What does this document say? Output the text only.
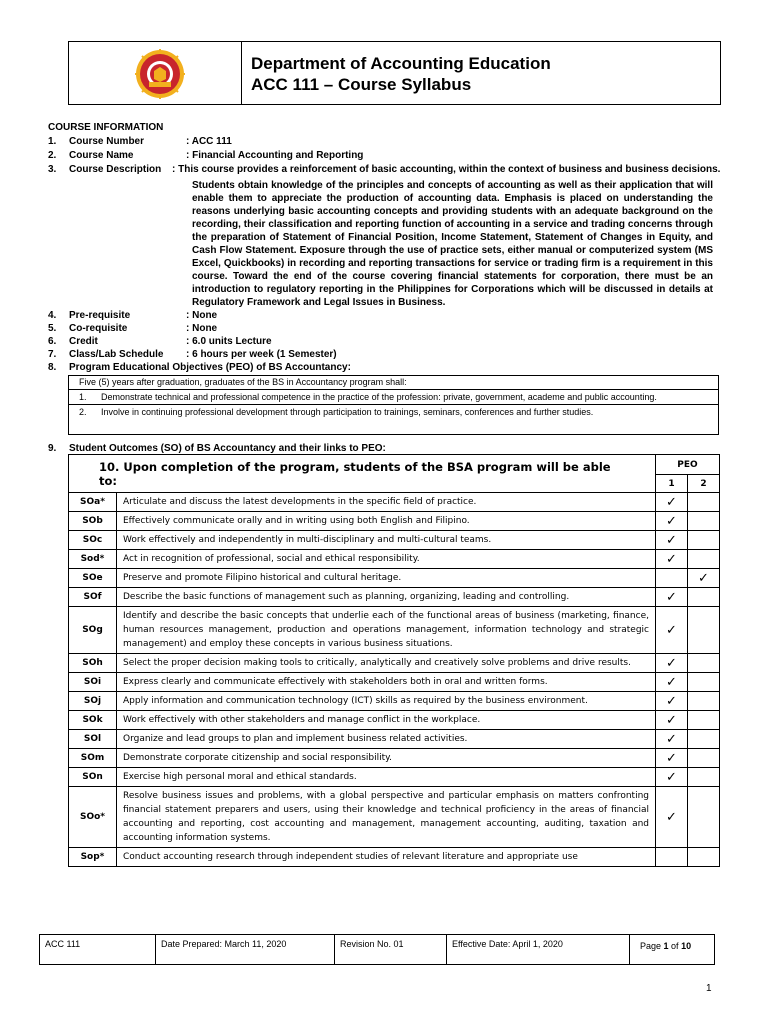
Department of Accounting Education
ACC 111 – Course Syllabus
COURSE INFORMATION
1. Course Number	: ACC 111
2. Course Name	: Financial Accounting and Reporting
3. Course Description : This course provides a reinforcement of basic accounting, within the context of business and business decisions.
Students obtain knowledge of the principles and concepts of accounting as well as their application that will enable them to appreciate the production of accounting data. Emphasis is placed on understanding the reasons underlying basic accounting concepts and providing students with an adequate background on the recording, their classification and reporting function of accounting in a service and trading concerns through the preparation of Statement of Financial Position, Income Statement, Statement of Changes in Equity, and Cash Flow Statement. Exposure through the use of practice sets, either manual or computerized system (MS Excel, Quickbooks) in recording and reporting transactions for service or trading firm is a requirement in this course. Toward the end of the course covering financial statements for corporation, there must be an introduction to regulatory reporting in the Philippines for Corporations which will be discussed in details at Regulatory Framework and Legal Issues in Business.
4. Pre-requisite	: None
5. Co-requisite	: None
6. Credit	: 6.0 units Lecture
7. Class/Lab Schedule : 6 hours per week (1 Semester)
8. Program Educational Objectives (PEO) of BS Accountancy:
Five (5) years after graduation, graduates of the BS in Accountancy program shall:
1. Demonstrate technical and professional competence in the practice of the profession: private, government, academe and public accounting.
2. Involve in continuing professional development through participation to trainings, seminars, conferences and further studies.
9. Student Outcomes (SO) of BS Accountancy and their links to PEO:
10. Upon completion of the program, students of the BSA program will be able to:		PEO	
		1	2
SOa*	Articulate and discuss the latest developments in the specific field of practice.	✓	
SOb	Effectively communicate orally and in writing using both English and Filipino.	✓	
SOc	Work effectively and independently in multi-disciplinary and multi-cultural teams.	✓	
Sod*	Act in recognition of professional, social and ethical responsibility.	✓	
SOe	Preserve and promote Filipino historical and cultural heritage.		✓
SOf	Describe the basic functions of management such as planning, organizing, leading and controlling.	✓	
SOg	Identify and describe the basic concepts that underlie each of the functional areas of business (marketing, finance, human resources management, production and operations management, information technology and strategic management) and employ these concepts in various business situations.	✓	
SOh	Select the proper decision making tools to critically, analytically and creatively solve problems and drive results.	✓	
SOi	Express clearly and communicate effectively with stakeholders both in oral and written forms.	✓	
SOj	Apply information and communication technology (ICT) skills as required by the business environment.	✓	
SOk	Work effectively with other stakeholders and manage conflict in the workplace.	✓	
SOl	Organize and lead groups to plan and implement business related activities.	✓	
SOm	Demonstrate corporate citizenship and social responsibility.	✓	
SOn	Exercise high personal moral and ethical standards.	✓	
SOo*	Resolve business issues and problems, with a global perspective and particular emphasis on matters confronting financial statement preparers and users, using their knowledge and technical proficiency in the areas of financial accounting and reporting, cost accounting and management, management accounting, auditing, taxation and accounting information systems.	✓	
Sop*	Conduct accounting research through independent studies of relevant literature and appropriate use		
ACC 111	Date Prepared: March 11, 2020	Revision No. 01	Effective Date: April 1, 2020	Page 1 of 10
1
